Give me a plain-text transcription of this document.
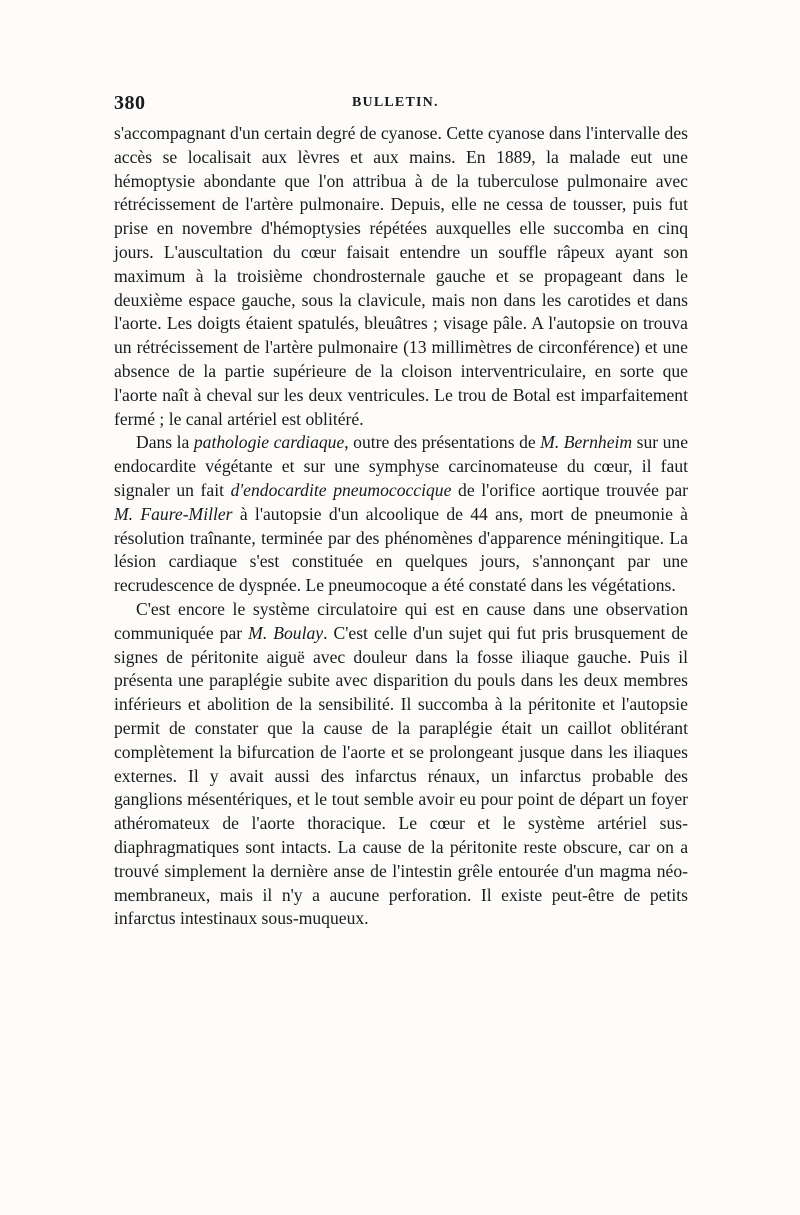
380	BULLETIN.

s'accompagnant d'un certain degré de cyanose. Cette cyanose dans l'intervalle des accès se localisait aux lèvres et aux mains. En 1889, la malade eut une hémoptysie abondante que l'on attribua à de la tuberculose pulmonaire avec rétrécissement de l'artère pulmonaire. Depuis, elle ne cessa de tousser, puis fut prise en novembre d'hémoptysies répétées auxquelles elle succomba en cinq jours. L'auscultation du cœur faisait entendre un souffle râpeux ayant son maximum à la troisième chondrosternale gauche et se propageant dans le deuxième espace gauche, sous la clavicule, mais non dans les carotides et dans l'aorte. Les doigts étaient spatulés, bleuâtres ; visage pâle. A l'autopsie on trouva un rétrécissement de l'artère pulmonaire (13 millimètres de circonférence) et une absence de la partie supérieure de la cloison interventriculaire, en sorte que l'aorte naît à cheval sur les deux ventricules. Le trou de Botal est imparfaitement fermé ; le canal artériel est oblitéré.

Dans la pathologie cardiaque, outre des présentations de M. Bernheim sur une endocardite végétante et sur une symphyse carcinomateuse du cœur, il faut signaler un fait d'endocardite pneumococcique de l'orifice aortique trouvée par M. Faure-Miller à l'autopsie d'un alcoolique de 44 ans, mort de pneumonie à résolution traînante, terminée par des phénomènes d'apparence méningitique. La lésion cardiaque s'est constituée en quelques jours, s'annonçant par une recrudescence de dyspnée. Le pneumocoque a été constaté dans les végétations.

C'est encore le système circulatoire qui est en cause dans une observation communiquée par M. Boulay. C'est celle d'un sujet qui fut pris brusquement de signes de péritonite aiguë avec douleur dans la fosse iliaque gauche. Puis il présenta une paraplégie subite avec disparition du pouls dans les deux membres inférieurs et abolition de la sensibilité. Il succomba à la péritonite et l'autopsie permit de constater que la cause de la paraplégie était un caillot oblitérant complètement la bifurcation de l'aorte et se prolongeant jusque dans les iliaques externes. Il y avait aussi des infarctus rénaux, un infarctus probable des ganglions mésentériques, et le tout semble avoir eu pour point de départ un foyer athéromateux de l'aorte thoracique. Le cœur et le système artériel sus-diaphragmatiques sont intacts. La cause de la péritonite reste obscure, car on a trouvé simplement la dernière anse de l'intestin grêle entourée d'un magma néo-membraneux, mais il n'y a aucune perforation. Il existe peut-être de petits infarctus intestinaux sous-muqueux.
